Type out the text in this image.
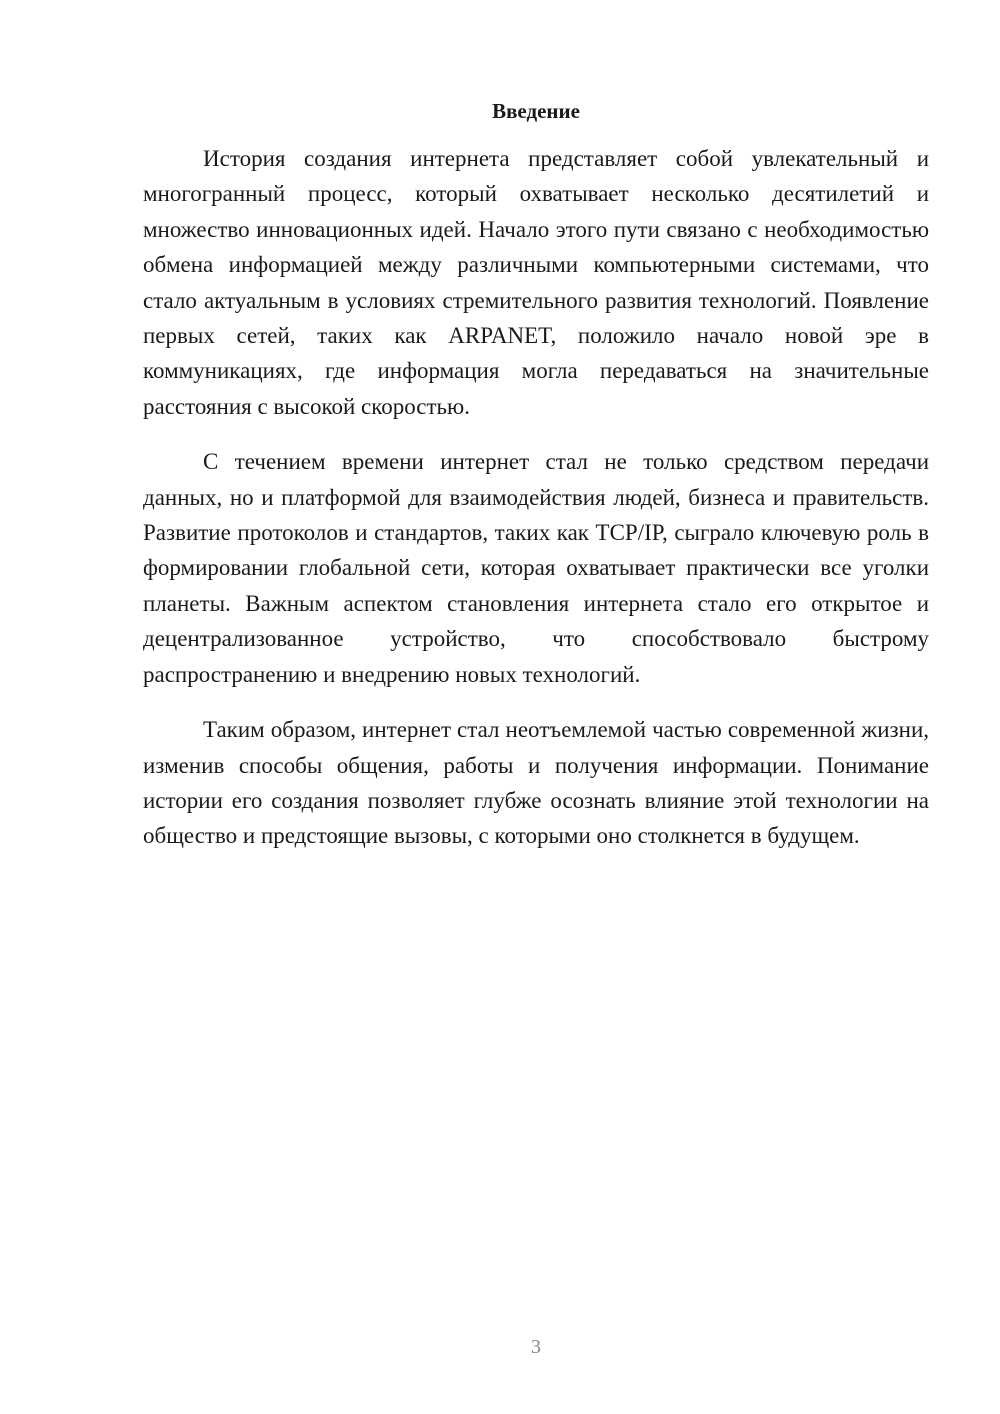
Введение

История создания интернета представляет собой увлекательный и многогранный процесс, который охватывает несколько десятилетий и множество инновационных идей. Начало этого пути связано с необходимостью обмена информацией между различными компьютерными системами, что стало актуальным в условиях стремительного развития технологий. Появление первых сетей, таких как ARPANET, положило начало новой эре в коммуникациях, где информация могла передаваться на значительные расстояния с высокой скоростью.

С течением времени интернет стал не только средством передачи данных, но и платформой для взаимодействия людей, бизнеса и правительств. Развитие протоколов и стандартов, таких как TCP/IP, сыграло ключевую роль в формировании глобальной сети, которая охватывает практически все уголки планеты. Важным аспектом становления интернета стало его открытое и децентрализованное устройство, что способствовало быстрому распространению и внедрению новых технологий.

Таким образом, интернет стал неотъемлемой частью современной жизни, изменив способы общения, работы и получения информации. Понимание истории его создания позволяет глубже осознать влияние этой технологии на общество и предстоящие вызовы, с которыми оно столкнется в будущем.

3
